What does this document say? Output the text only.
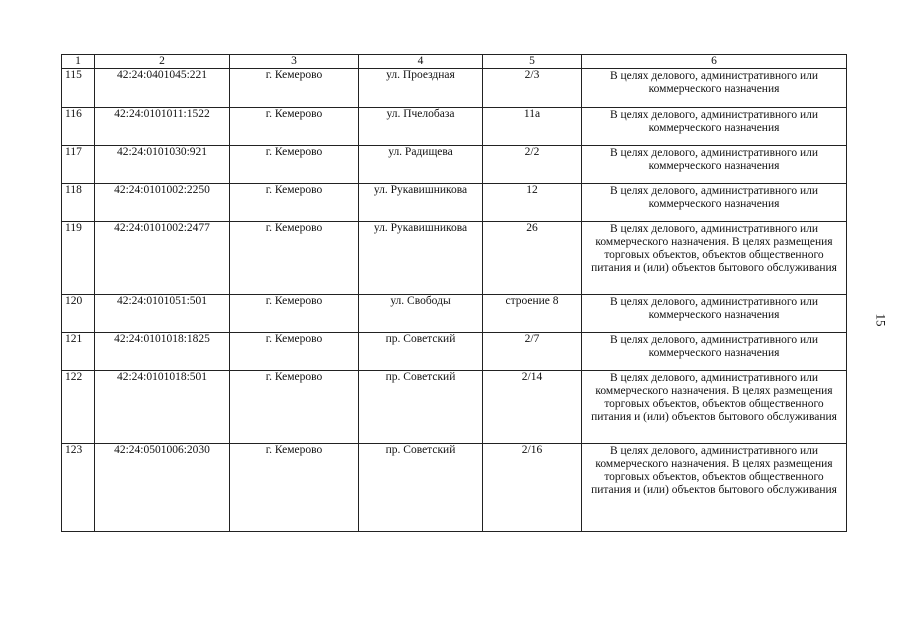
1	2	3	4	5	6
115	42:24:0401045:221	г. Кемерово	ул. Проездная	2/3	В целях делового, административного или коммерческого назначения
116	42:24:0101011:1522	г. Кемерово	ул. Пчелобаза	11а	В целях делового, административного или коммерческого назначения
117	42:24:0101030:921	г. Кемерово	ул. Радищева	2/2	В целях делового, административного или коммерческого назначения
118	42:24:0101002:2250	г. Кемерово	ул. Рукавишникова	12	В целях делового, административного или коммерческого назначения
119	42:24:0101002:2477	г. Кемерово	ул. Рукавишникова	26	В целях делового, административного или коммерческого назначения. В целях размещения торговых объектов, объектов общественного питания и (или) объектов бытового обслуживания
120	42:24:0101051:501	г. Кемерово	ул. Свободы	строение 8	В целях делового, административного или коммерческого назначения
121	42:24:0101018:1825	г. Кемерово	пр. Советский	2/7	В целях делового, административного или коммерческого назначения
122	42:24:0101018:501	г. Кемерово	пр. Советский	2/14	В целях делового, административного или коммерческого назначения. В целях размещения торговых объектов, объектов общественного питания и (или) объектов бытового обслуживания
123	42:24:0501006:2030	г. Кемерово	пр. Советский	2/16	В целях делового, административного или коммерческого назначения. В целях размещения торговых объектов, объектов общественного питания и (или) объектов бытового обслуживания
15
